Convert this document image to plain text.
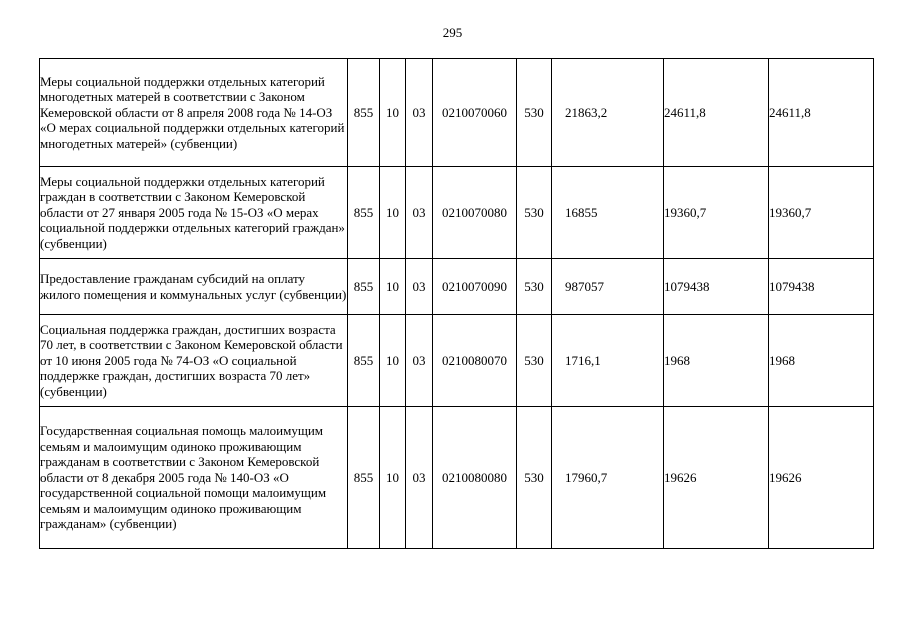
295
Меры социальной поддержки отдельных категорий многодетных матерей в соответствии с Законом Кемеровской области от 8 апреля 2008 года № 14-ОЗ «О мерах социальной поддержки отдельных категорий многодетных матерей» (субвенции)	855	10	03	0210070060	530	21863,2	24611,8	24611,8
Меры социальной поддержки отдельных категорий граждан в соответствии с Законом Кемеровской области от 27 января 2005 года № 15-ОЗ «О мерах социальной поддержки отдельных категорий граждан» (субвенции)	855	10	03	0210070080	530	16855	19360,7	19360,7
Предоставление гражданам субсидий на оплату жилого помещения и коммунальных услуг (субвенции)	855	10	03	0210070090	530	987057	1079438	1079438
Социальная поддержка граждан, достигших возраста 70 лет, в соответствии с Законом Кемеровской области от 10 июня 2005 года № 74-ОЗ «О социальной поддержке граждан, достигших возраста 70 лет» (субвенции)	855	10	03	0210080070	530	1716,1	1968	1968
Государственная социальная помощь малоимущим семьям и малоимущим одиноко проживающим гражданам в соответствии с Законом Кемеровской области от 8 декабря 2005 года № 140-ОЗ «О государственной социальной помощи малоимущим семьям и малоимущим одиноко проживающим гражданам» (субвенции)	855	10	03	0210080080	530	17960,7	19626	19626
